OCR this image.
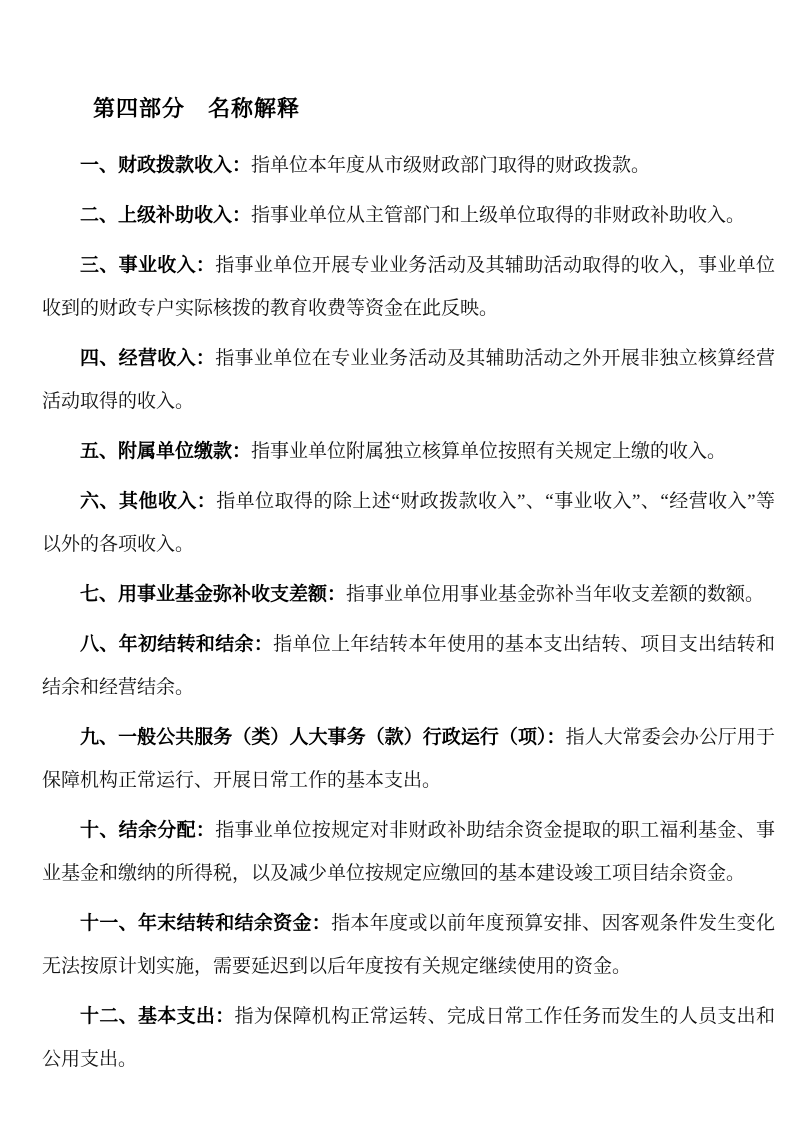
第四部分　名称解释

一、财政拨款收入：指单位本年度从市级财政部门取得的财政拨款。

二、上级补助收入：指事业单位从主管部门和上级单位取得的非财政补助收入。

三、事业收入：指事业单位开展专业业务活动及其辅助活动取得的收入，事业单位收到的财政专户实际核拨的教育收费等资金在此反映。

四、经营收入：指事业单位在专业业务活动及其辅助活动之外开展非独立核算经营活动取得的收入。

五、附属单位缴款：指事业单位附属独立核算单位按照有关规定上缴的收入。

六、其他收入：指单位取得的除上述“财政拨款收入”、“事业收入”、“经营收入”等以外的各项收入。

七、用事业基金弥补收支差额：指事业单位用事业基金弥补当年收支差额的数额。

八、年初结转和结余：指单位上年结转本年使用的基本支出结转、项目支出结转和结余和经营结余。

九、一般公共服务（类）人大事务（款）行政运行（项）：指人大常委会办公厅用于保障机构正常运行、开展日常工作的基本支出。

十、结余分配：指事业单位按规定对非财政补助结余资金提取的职工福利基金、事业基金和缴纳的所得税，以及减少单位按规定应缴回的基本建设竣工项目结余资金。

十一、年末结转和结余资金：指本年度或以前年度预算安排、因客观条件发生变化无法按原计划实施，需要延迟到以后年度按有关规定继续使用的资金。

十二、基本支出：指为保障机构正常运转、完成日常工作任务而发生的人员支出和公用支出。
